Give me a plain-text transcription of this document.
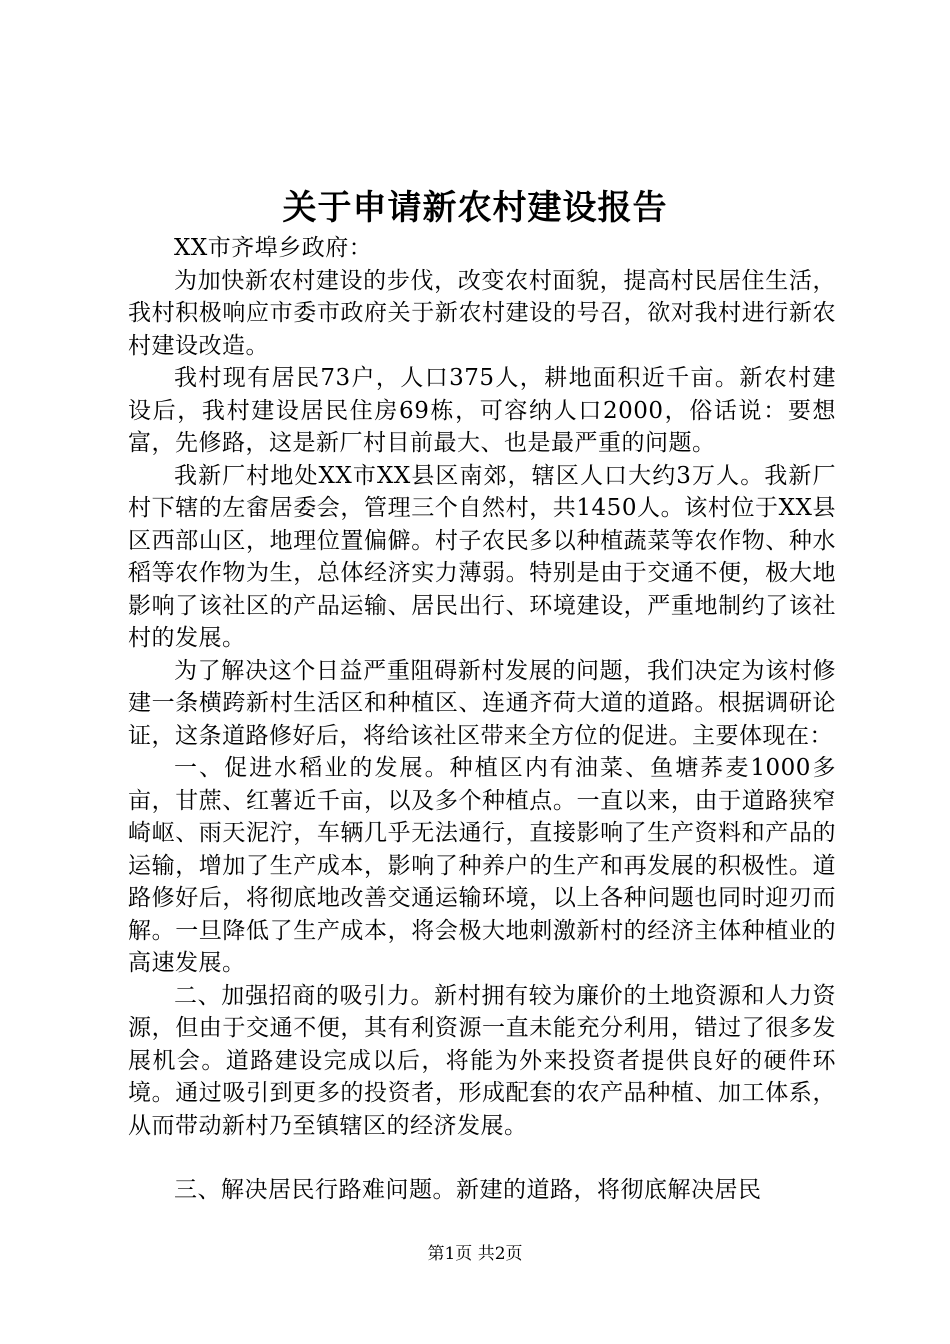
关于申请新农村建设报告

XX市齐埠乡政府：

为加快新农村建设的步伐，改变农村面貌，提高村民居住生活，我村积极响应市委市政府关于新农村建设的号召，欲对我村进行新农村建设改造。

我村现有居民73户，人口375人，耕地面积近千亩。新农村建设后，我村建设居民住房69栋，可容纳人口2000，俗话说：要想富，先修路，这是新厂村目前最大、也是最严重的问题。

我新厂村地处XX市XX县区南郊，辖区人口大约3万人。我新厂村下辖的左畲居委会，管理三个自然村，共1450人。该村位于XX县区西部山区，地理位置偏僻。村子农民多以种植蔬菜等农作物、种水稻等农作物为生，总体经济实力薄弱。特别是由于交通不便，极大地影响了该社区的产品运输、居民出行、环境建设，严重地制约了该社村的发展。

为了解决这个日益严重阻碍新村发展的问题，我们决定为该村修建一条横跨新村生活区和种植区、连通齐荷大道的道路。根据调研论证，这条道路修好后，将给该社区带来全方位的促进。主要体现在：

一、促进水稻业的发展。种植区内有油菜、鱼塘荞麦1000多亩，甘蔗、红薯近千亩，以及多个种植点。一直以来，由于道路狭窄崎岖、雨天泥泞，车辆几乎无法通行，直接影响了生产资料和产品的运输，增加了生产成本，影响了种养户的生产和再发展的积极性。道路修好后，将彻底地改善交通运输环境，以上各种问题也同时迎刃而解。一旦降低了生产成本，将会极大地刺激新村的经济主体种植业的高速发展。

二、加强招商的吸引力。新村拥有较为廉价的土地资源和人力资源，但由于交通不便，其有利资源一直未能充分利用，错过了很多发展机会。道路建设完成以后，将能为外来投资者提供良好的硬件环境。通过吸引到更多的投资者，形成配套的农产品种植、加工体系，从而带动新村乃至镇辖区的经济发展。

三、解决居民行路难问题。新建的道路，将彻底解决居民

第1页 共2页
